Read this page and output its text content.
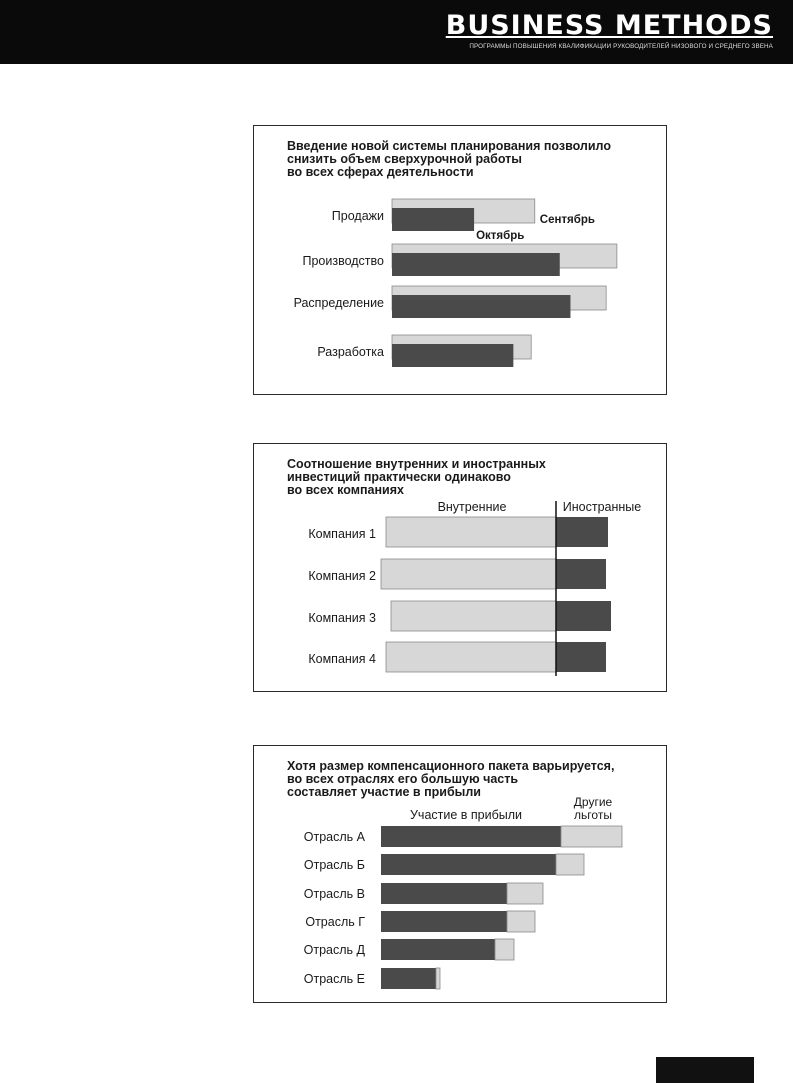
BUSINESS METHODS
ПРОГРАММЫ ПОВЫШЕНИЯ КВАЛИФИКАЦИИ РУКОВОДИТЕЛЕЙ НИЗОВОГО И СРЕДНЕГО ЗВЕНА
Введение новой системы планирования позволило
снизить объем сверхурочной работы
во всех сферах деятельности
Продажи
Производство
Распределение
Разработка
Сентябрь
Октябрь
Соотношение внутренних и иностранных
инвестиций практически одинаково
во всех компаниях
Внутренние	Иностранные
Компания 1
Компания 2
Компания 3
Компания 4
Хотя размер компенсационного пакета варьируется,
во всех отраслях его большую часть
составляет участие в прибыли
Участие в прибыли
Другие
льготы
Отрасль А
Отрасль Б
Отрасль В
Отрасль Г
Отрасль Д
Отрасль Е
